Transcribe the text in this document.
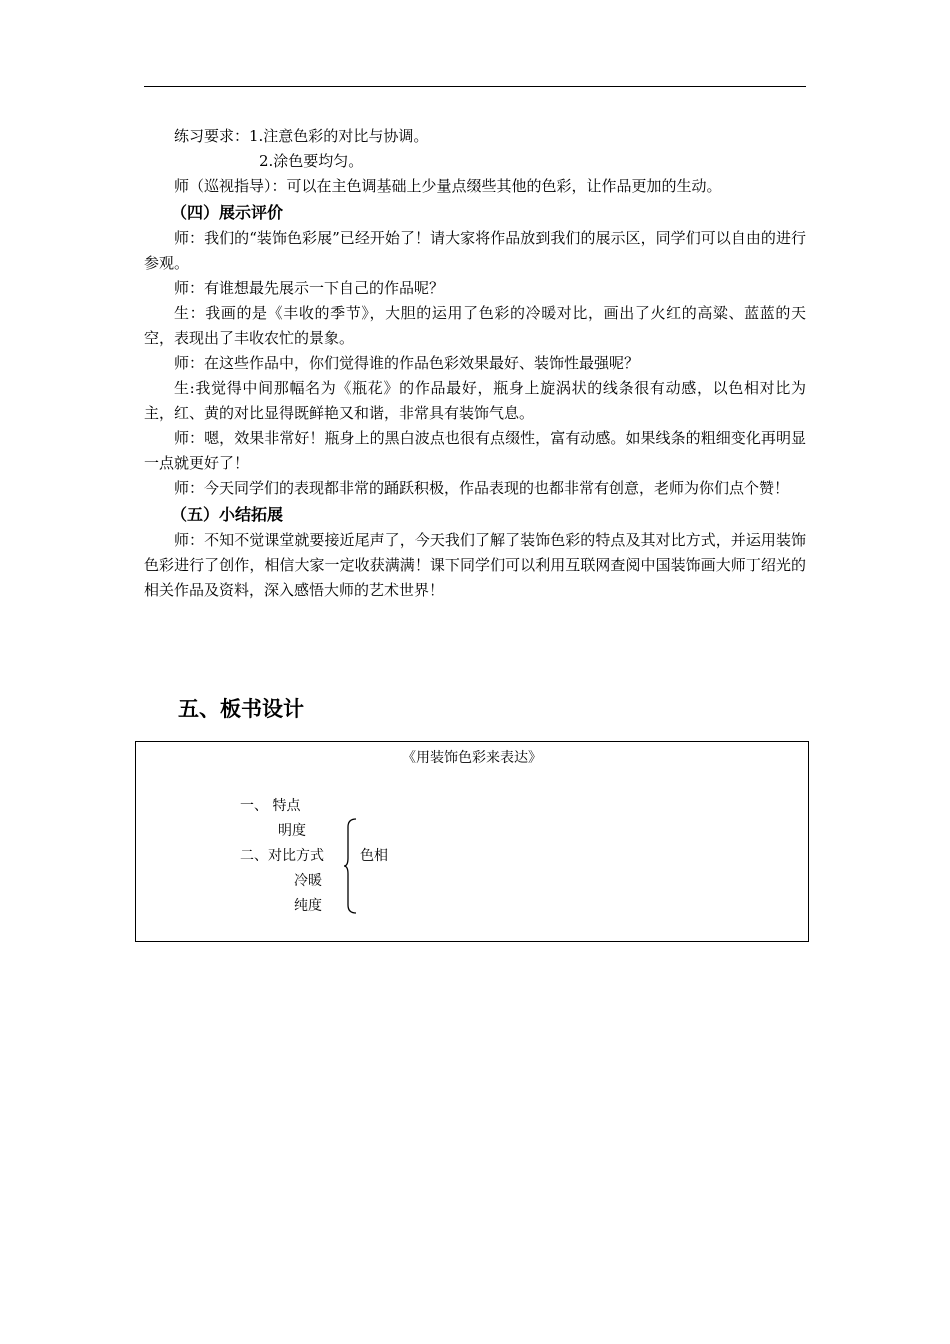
练习要求：1.注意色彩的对比与协调。

2.涂色要均匀。

师（巡视指导）：可以在主色调基础上少量点缀些其他的色彩，让作品更加的生动。

（四）展示评价

师：我们的“装饰色彩展”已经开始了！请大家将作品放到我们的展示区，同学们可以自由的进行参观。

师：有谁想最先展示一下自己的作品呢？

生：我画的是《丰收的季节》，大胆的运用了色彩的冷暖对比，画出了火红的高粱、蓝蓝的天空，表现出了丰收农忙的景象。

师：在这些作品中，你们觉得谁的作品色彩效果最好、装饰性最强呢？

生:我觉得中间那幅名为《瓶花》的作品最好，瓶身上旋涡状的线条很有动感，以色相对比为主，红、黄的对比显得既鲜艳又和谐，非常具有装饰气息。

师：嗯，效果非常好！瓶身上的黑白波点也很有点缀性，富有动感。如果线条的粗细变化再明显一点就更好了！

师：今天同学们的表现都非常的踊跃积极，作品表现的也都非常有创意，老师为你们点个赞！

（五）小结拓展

师：不知不觉课堂就要接近尾声了，今天我们了解了装饰色彩的特点及其对比方式，并运用装饰色彩进行了创作，相信大家一定收获满满！课下同学们可以利用互联网查阅中国装饰画大师丁绍光的相关作品及资料，深入感悟大师的艺术世界！

五、板书设计
《用装饰色彩来表达》
一、 特点
明度
二、对比方式	色相
冷暖
纯度
